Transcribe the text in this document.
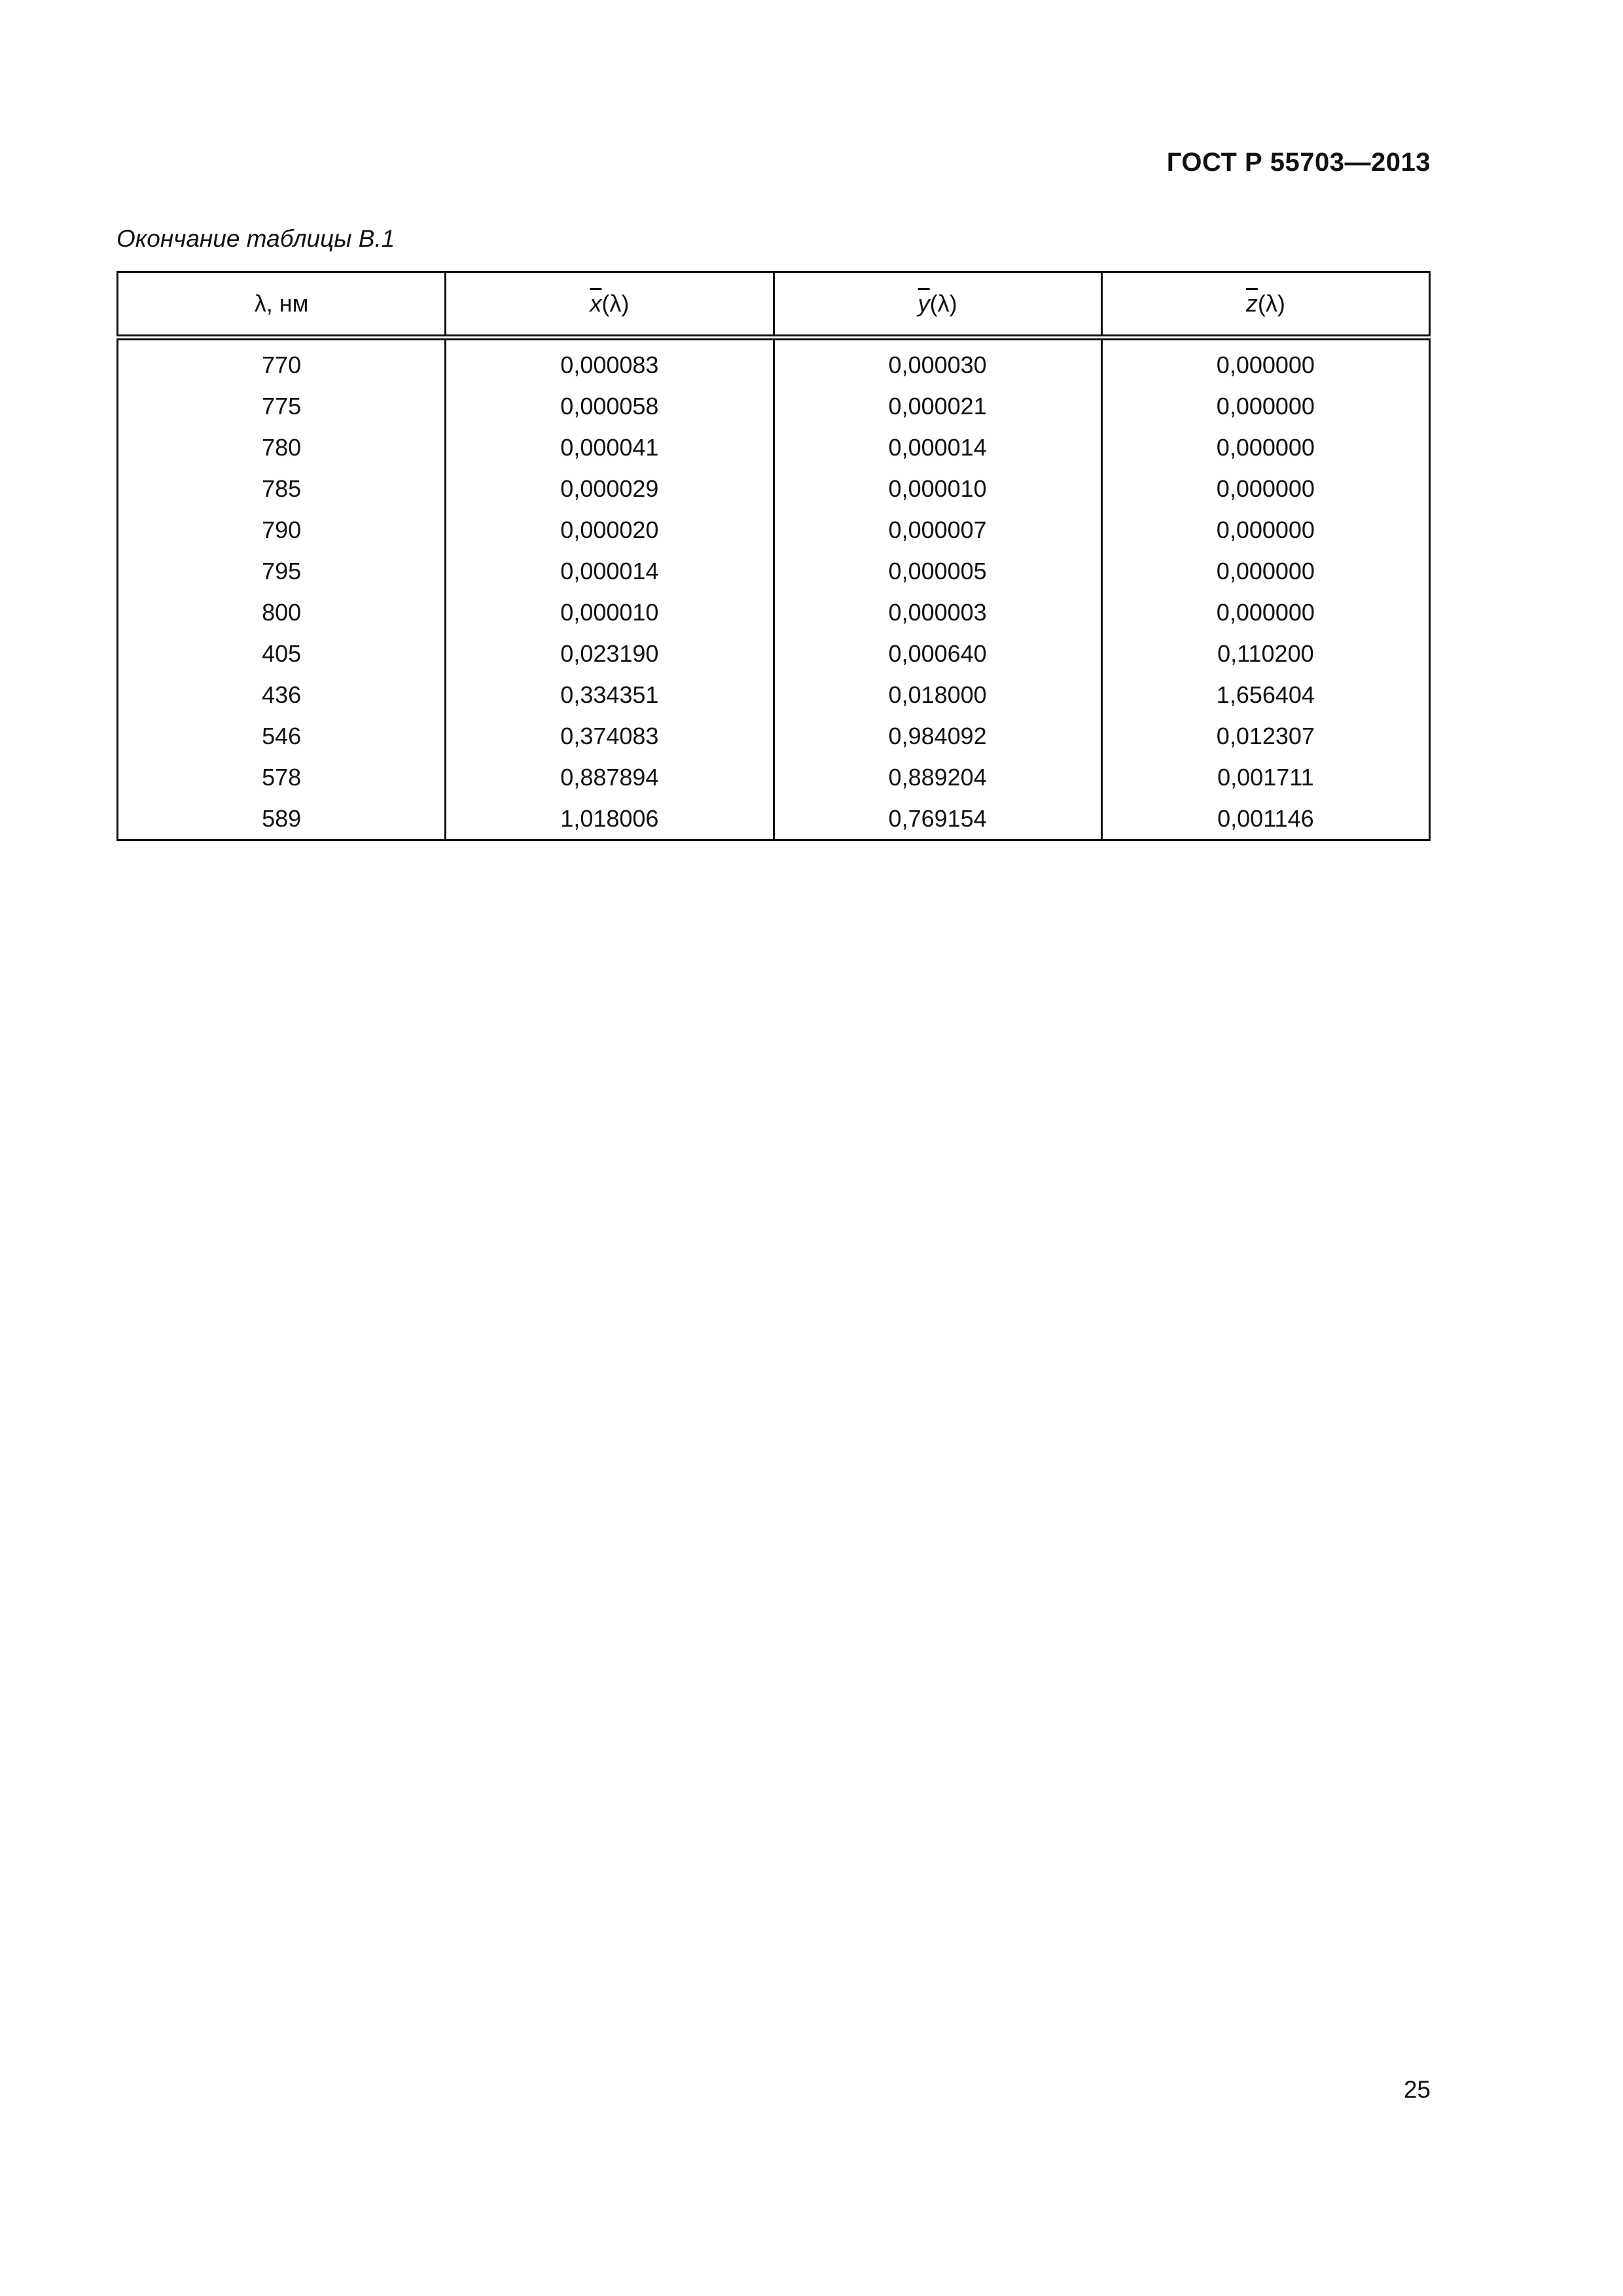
ГОСТ Р 55703—2013
Окончание таблицы В.1
λ, нм	$\overline{x}(\lambda)$	$\overline{y}(\lambda)$	$\overline{z}(\lambda)$
770	0,000083	0,000030	0,000000
775	0,000058	0,000021	0,000000
780	0,000041	0,000014	0,000000
785	0,000029	0,000010	0,000000
790	0,000020	0,000007	0,000000
795	0,000014	0,000005	0,000000
800	0,000010	0,000003	0,000000
405	0,023190	0,000640	0,110200
436	0,334351	0,018000	1,656404
546	0,374083	0,984092	0,012307
578	0,887894	0,889204	0,001711
589	1,018006	0,769154	0,001146
25
